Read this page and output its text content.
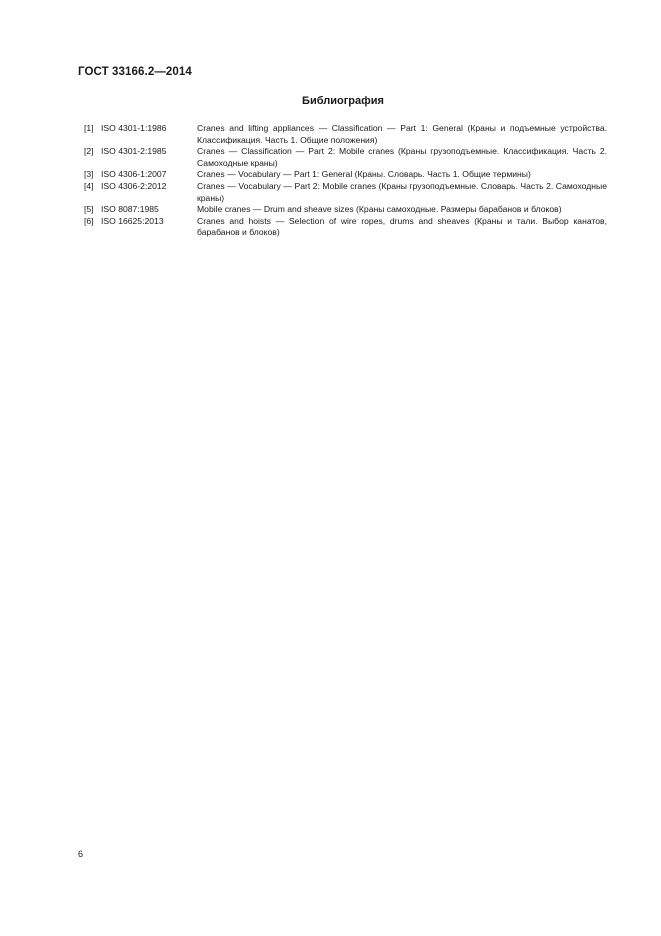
ГОСТ 33166.2—2014
Библиография
[1] ISO 4301-1:1986	Cranes and lifting appliances — Classification — Part 1: General (Краны и подъемные устройства. Классификация. Часть 1. Общие положения)
[2] ISO 4301-2:1985	Cranes — Classification — Part 2: Mobile cranes (Краны грузоподъемные. Классификация. Часть 2. Самоходные краны)
[3] ISO 4306-1:2007	Cranes — Vocabulary — Part 1: General (Краны. Словарь. Часть 1. Общие термины)
[4] ISO 4306-2:2012	Cranes — Vocabulary — Part 2: Mobile cranes (Краны грузоподъемные. Словарь. Часть 2. Самоходные краны)
[5] ISO 8087:1985	Mobile cranes — Drum and sheave sizes (Краны самоходные. Размеры барабанов и блоков)
[6] ISO 16625:2013	Cranes and hoists — Selection of wire ropes, drums and sheaves (Краны и тали. Выбор канатов, барабанов и блоков)
6
